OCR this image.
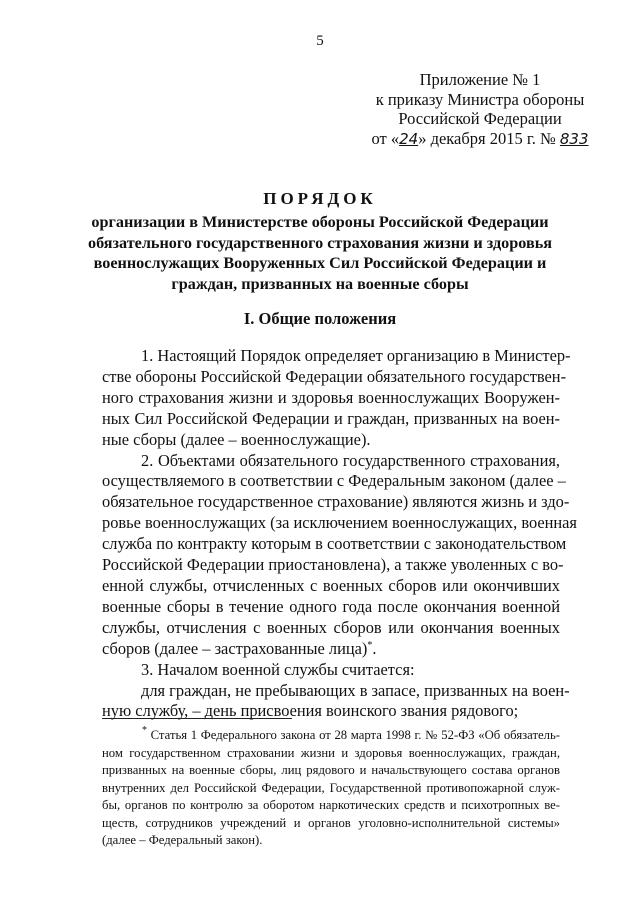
5
Приложение № 1
к приказу Министра обороны
Российской Федерации
от «24» декабря 2015 г. № 833
ПОРЯДОК
организации в Министерстве обороны Российской Федерации
обязательного государственного страхования жизни и здоровья
военнослужащих Вооруженных Сил Российской Федерации и
граждан, призванных на военные сборы
I. Общие положения
1. Настоящий Порядок определяет организацию в Министер-
стве обороны Российской Федерации обязательного государствен-
ного страхования жизни и здоровья военнослужащих Вооружен-
ных Сил Российской Федерации и граждан, призванных на воен-
ные сборы (далее – военнослужащие).
2. Объектами обязательного государственного страхования,
осуществляемого в соответствии с Федеральным законом (далее –
обязательное государственное страхование) являются жизнь и здо-
ровье военнослужащих (за исключением военнослужащих, военная
служба по контракту которым в соответствии с законодательством
Российской Федерации приостановлена), а также уволенных с во-
енной службы, отчисленных с военных сборов или окончивших
военные сборы в течение одного года после окончания военной
службы, отчисления с военных сборов или окончания военных
сборов (далее – застрахованные лица)*.
3. Началом военной службы считается:
для граждан, не пребывающих в запасе, призванных на воен-
ную службу, – день присвоения воинского звания рядового;
* Статья 1 Федерального закона от 28 марта 1998 г. № 52-ФЗ «Об обязатель-
ном государственном страховании жизни и здоровья военнослужащих, граждан,
призванных на военные сборы, лиц рядового и начальствующего состава органов
внутренних дел Российской Федерации, Государственной противопожарной служ-
бы, органов по контролю за оборотом наркотических средств и психотропных ве-
ществ, сотрудников учреждений и органов уголовно-исполнительной системы»
(далее – Федеральный закон).
